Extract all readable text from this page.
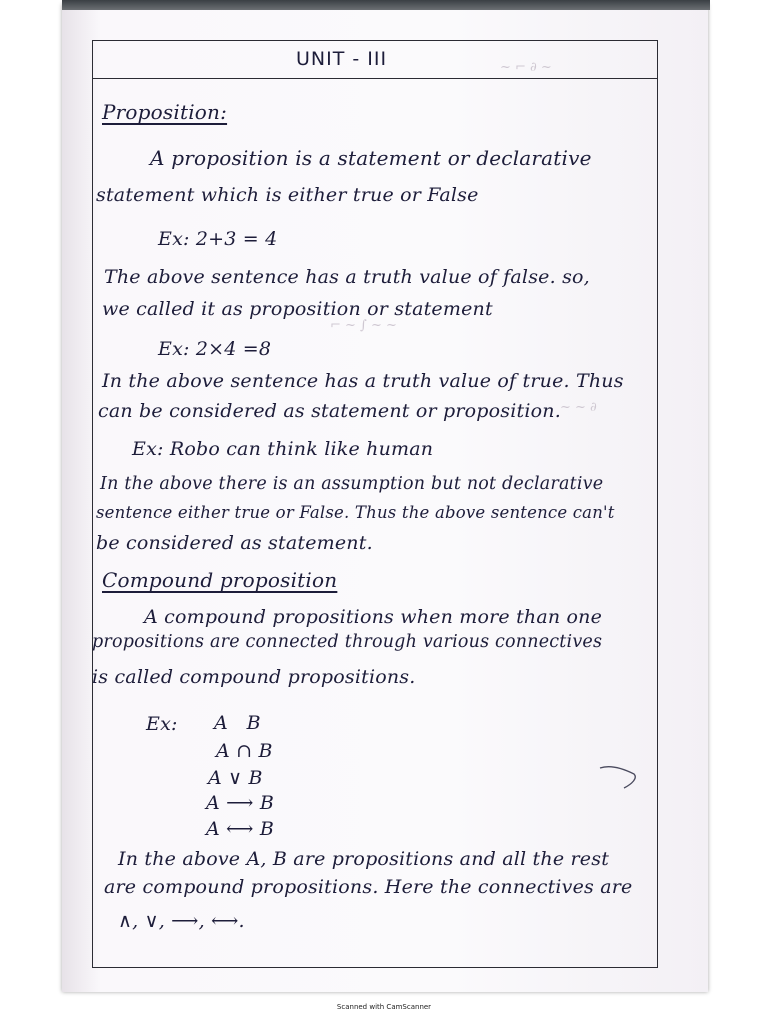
~ ⌐ ∂ ~
⌐ ~ ∫ ~ ~
~ ~ ∂
UNIT - III
Proposition:
A proposition is a statement or declarative
statement which is either true or False
Ex: 2+3 = 4
The above sentence has a truth value of false. so,
we called it as proposition or statement
Ex: 2×4 =8
In the above sentence has a truth value of true. Thus
can be considered as statement or proposition.
Ex: Robo can think like human
In the above there is an assumption but not declarative
sentence either true or False. Thus the above sentence can't
be considered as statement.
Compound proposition
A compound propositions when more than one
propositions are connected through various connectives
is called compound propositions.
Ex: A   B
A ∩ B
A ∨ B
A ⟶ B
A ⟷ B
In the above A, B are propositions and all the rest
are compound propositions. Here the connectives are
∧, ∨, ⟶, ⟷.
Scanned with CamScanner
